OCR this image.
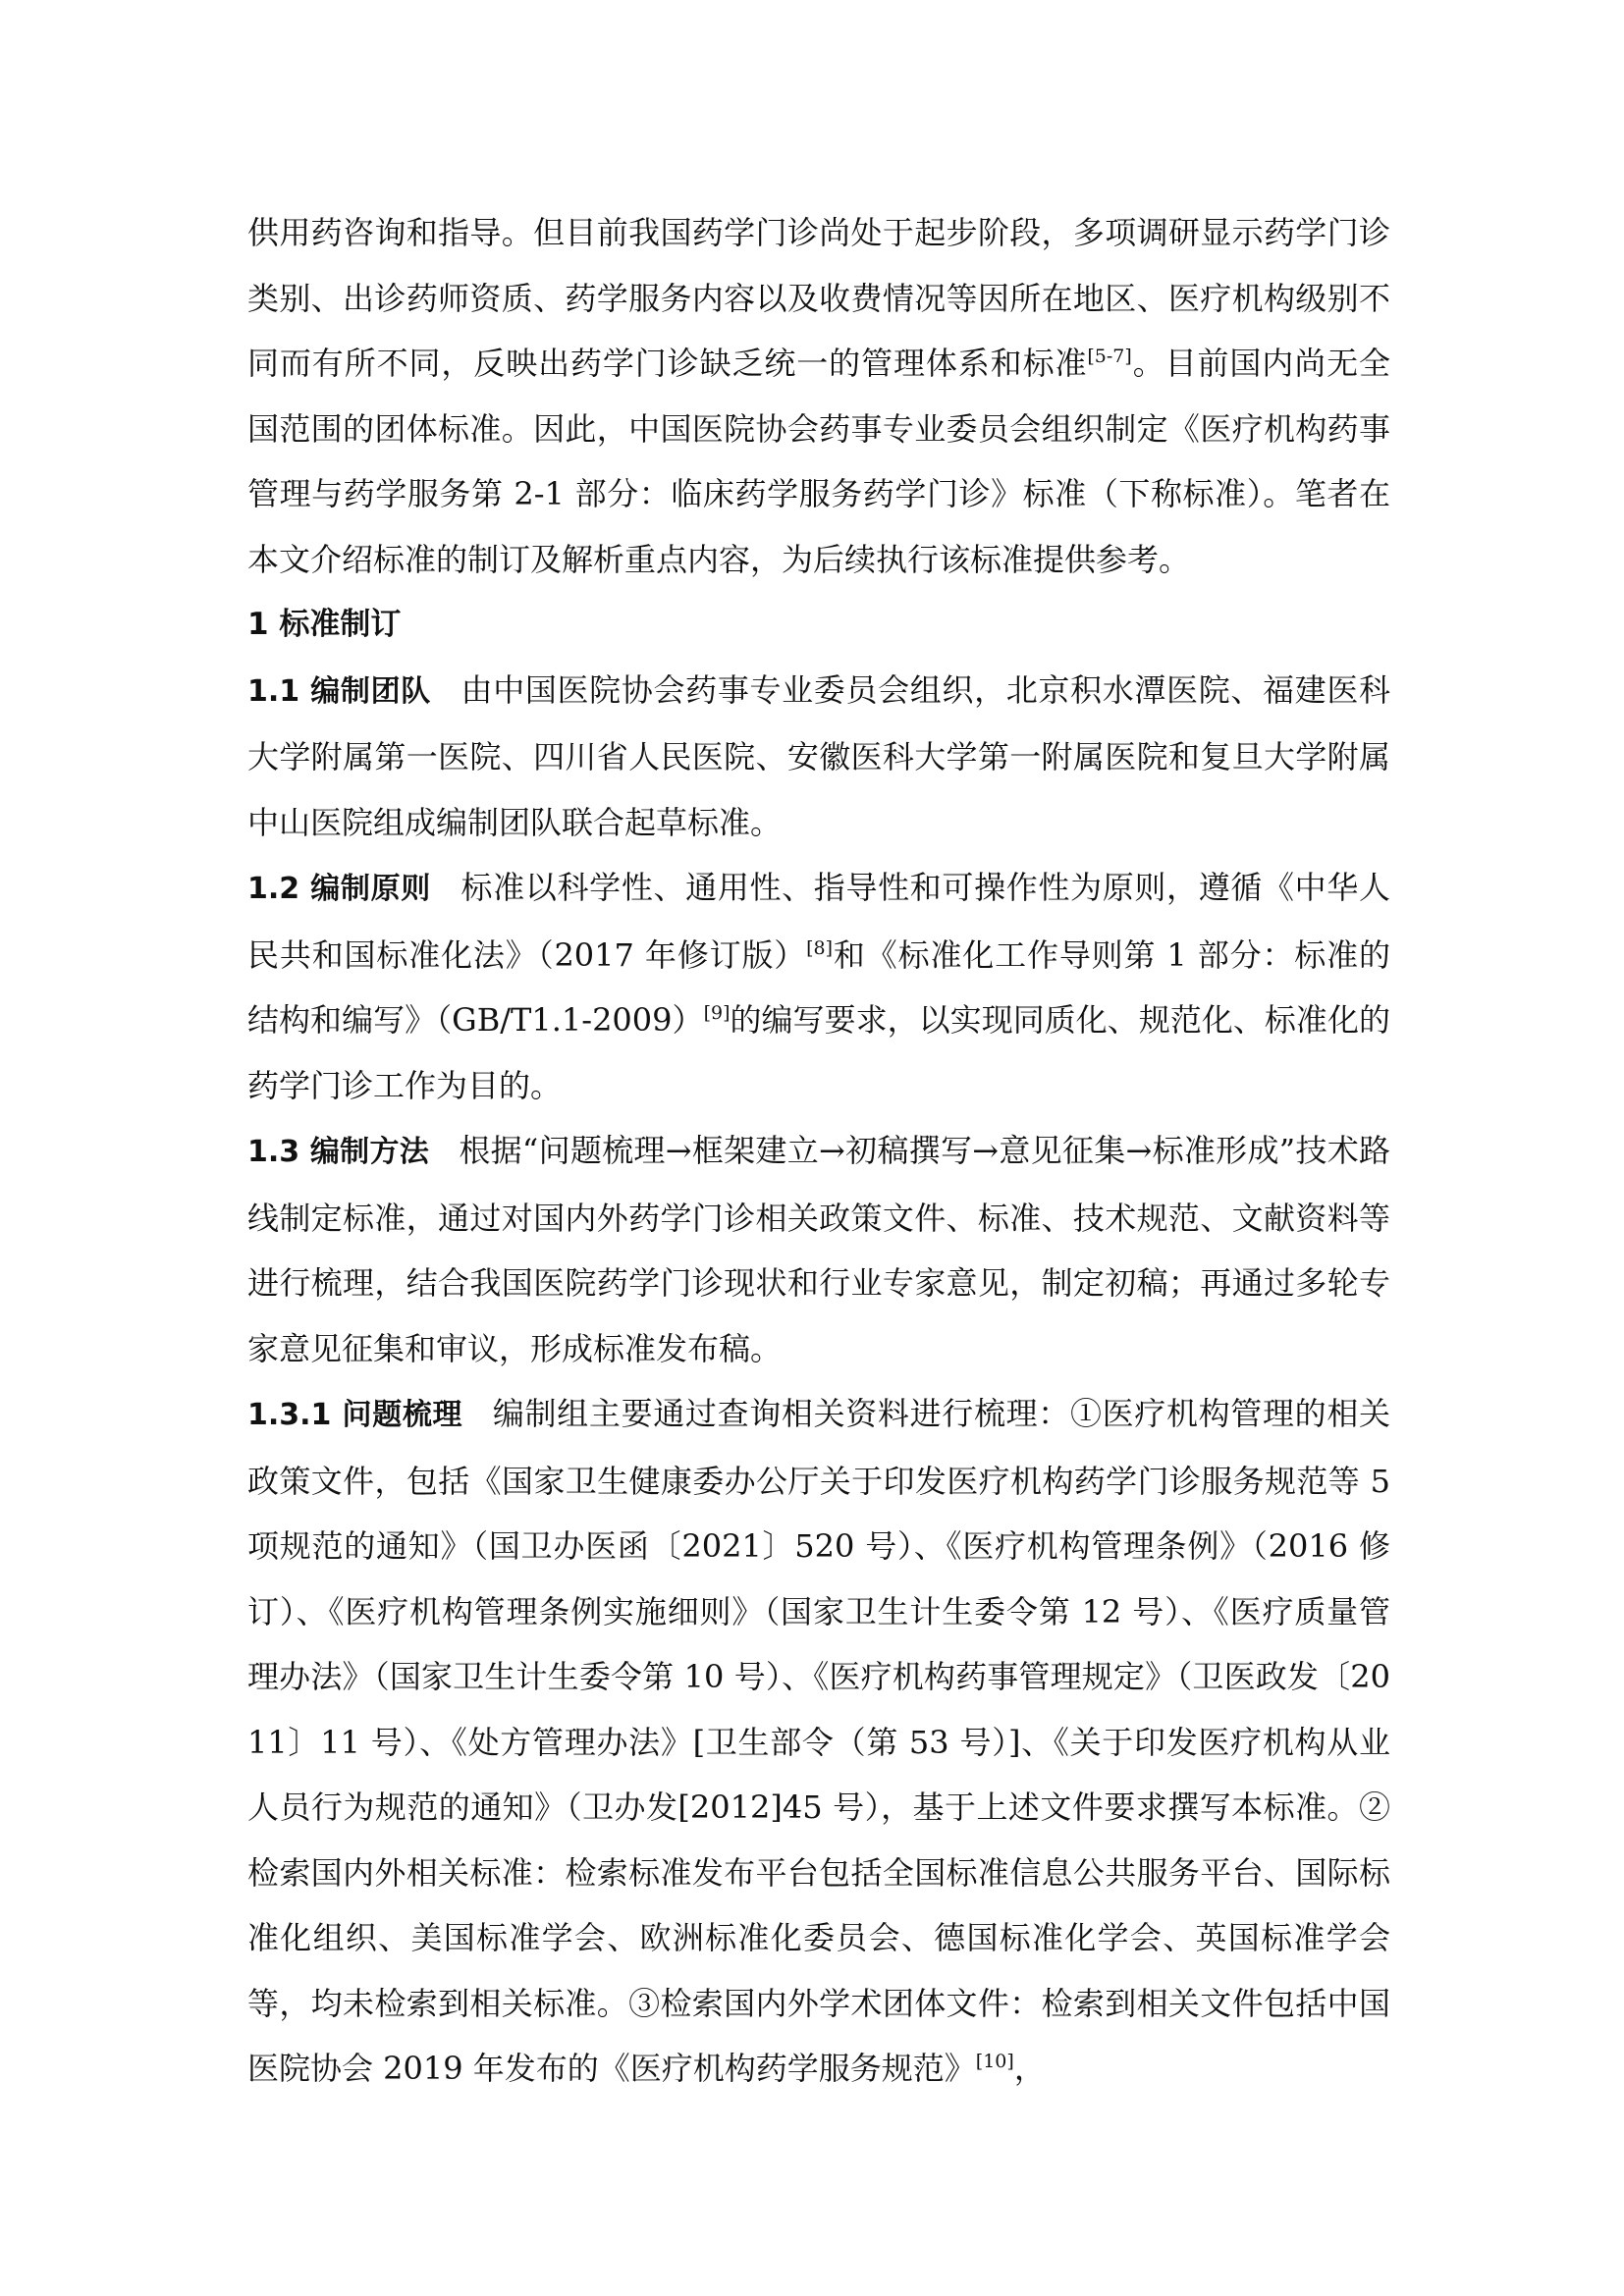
供用药咨询和指导。但目前我国药学门诊尚处于起步阶段，多项调研显示药学门诊类别、出诊药师资质、药学服务内容以及收费情况等因所在地区、医疗机构级别不同而有所不同，反映出药学门诊缺乏统一的管理体系和标准[5-7]。目前国内尚无全国范围的团体标准。因此，中国医院协会药事专业委员会组织制定《医疗机构药事管理与药学服务第 2-1 部分：临床药学服务药学门诊》标准（下称标准）。笔者在本文介绍标准的制订及解析重点内容，为后续执行该标准提供参考。

1 标准制订

1.1 编制团队 由中国医院协会药事专业委员会组织，北京积水潭医院、福建医科大学附属第一医院、四川省人民医院、安徽医科大学第一附属医院和复旦大学附属中山医院组成编制团队联合起草标准。

1.2 编制原则 标准以科学性、通用性、指导性和可操作性为原则，遵循《中华人民共和国标准化法》（2017 年修订版）[8]和《标准化工作导则第 1 部分：标准的结构和编写》（GB/T1.1-2009）[9]的编写要求，以实现同质化、规范化、标准化的药学门诊工作为目的。

1.3 编制方法 根据“问题梳理→框架建立→初稿撰写→意见征集→标准形成”技术路线制定标准，通过对国内外药学门诊相关政策文件、标准、技术规范、文献资料等进行梳理，结合我国医院药学门诊现状和行业专家意见，制定初稿；再通过多轮专家意见征集和审议，形成标准发布稿。

1.3.1 问题梳理 编制组主要通过查询相关资料进行梳理：①医疗机构管理的相关政策文件，包括《国家卫生健康委办公厅关于印发医疗机构药学门诊服务规范等 5 项规范的通知》（国卫办医函〔2021〕520 号）、《医疗机构管理条例》（2016 修订）、《医疗机构管理条例实施细则》（国家卫生计生委令第 12 号）、《医疗质量管理办法》（国家卫生计生委令第 10 号）、《医疗机构药事管理规定》（卫医政发〔2011〕11 号）、《处方管理办法》[卫生部令（第 53 号）]、《关于印发医疗机构从业人员行为规范的通知》（卫办发[2012]45 号），基于上述文件要求撰写本标准。②检索国内外相关标准：检索标准发布平台包括全国标准信息公共服务平台、国际标准化组织、美国标准学会、欧洲标准化委员会、德国标准化学会、英国标准学会等，均未检索到相关标准。③检索国内外学术团体文件：检索到相关文件包括中国医院协会 2019 年发布的《医疗机构药学服务规范》[10]，
